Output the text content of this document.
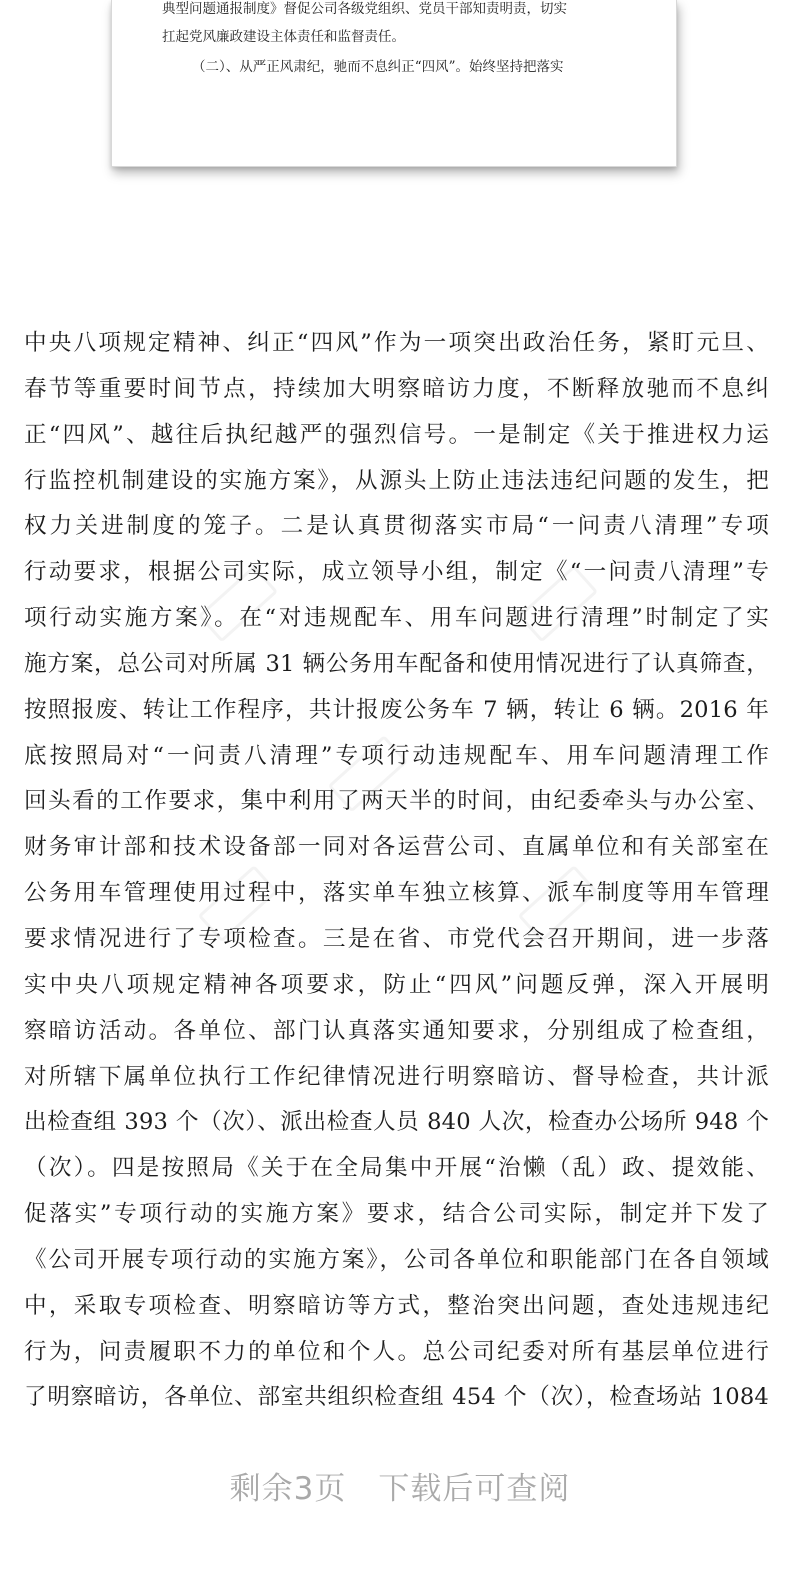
典型问题通报制度》督促公司各级党组织、党员干部知责明责，切实
扛起党风廉政建设主体责任和监督责任。
（二）、从严正风肃纪，驰而不息纠正“四风”。始终坚持把落实
中央八项规定精神、纠正“四风”作为一项突出政治任务，紧盯元旦、
春节等重要时间节点，持续加大明察暗访力度，不断释放驰而不息纠
正“四风”、越往后执纪越严的强烈信号。一是制定《关于推进权力运
行监控机制建设的实施方案》，从源头上防止违法违纪问题的发生，把
权力关进制度的笼子。二是认真贯彻落实市局“一问责八清理”专项
行动要求，根据公司实际，成立领导小组，制定《“一问责八清理”专
项行动实施方案》。在“对违规配车、用车问题进行清理”时制定了实
施方案，总公司对所属 31 辆公务用车配备和使用情况进行了认真筛查，
按照报废、转让工作程序，共计报废公务车 7 辆，转让 6 辆。2016 年
底按照局对“一问责八清理”专项行动违规配车、用车问题清理工作
回头看的工作要求，集中利用了两天半的时间，由纪委牵头与办公室、
财务审计部和技术设备部一同对各运营公司、直属单位和有关部室在
公务用车管理使用过程中，落实单车独立核算、派车制度等用车管理
要求情况进行了专项检查。三是在省、市党代会召开期间，进一步落
实中央八项规定精神各项要求，防止“四风”问题反弹，深入开展明
察暗访活动。各单位、部门认真落实通知要求，分别组成了检查组，
对所辖下属单位执行工作纪律情况进行明察暗访、督导检查，共计派
出检查组 393 个（次）、派出检查人员 840 人次，检查办公场所 948 个
（次）。四是按照局《关于在全局集中开展“治懒（乱）政、提效能、
促落实”专项行动的实施方案》要求，结合公司实际，制定并下发了
《公司开展专项行动的实施方案》，公司各单位和职能部门在各自领域
中，采取专项检查、明察暗访等方式，整治突出问题，查处违规违纪
行为，问责履职不力的单位和个人。总公司纪委对所有基层单位进行
了明察暗访，各单位、部室共组织检查组 454 个（次），检查场站 1084
剩余3页 下载后可查阅
